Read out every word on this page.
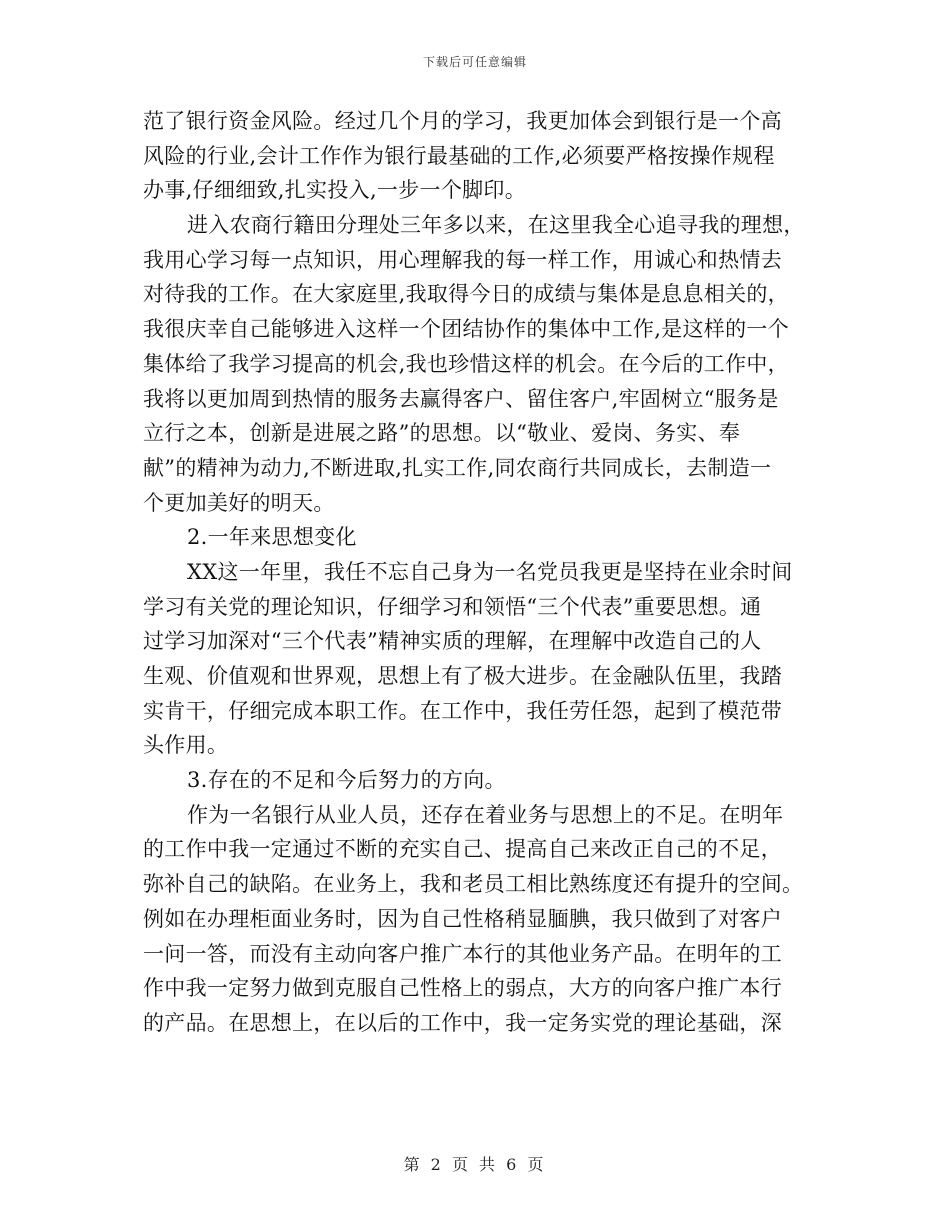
下载后可任意编辑
范了银行资金风险。经过几个月的学习，我更加体会到银行是一个高
风险的行业,会计工作作为银行最基础的工作,必须要严格按操作规程
办事,仔细细致,扎实投入,一步一个脚印。
进入农商行籍田分理处三年多以来，在这里我全心追寻我的理想，
我用心学习每一点知识，用心理解我的每一样工作，用诚心和热情去
对待我的工作。在大家庭里,我取得今日的成绩与集体是息息相关的，
我很庆幸自己能够进入这样一个团结协作的集体中工作,是这样的一个
集体给了我学习提高的机会,我也珍惜这样的机会。在今后的工作中，
我将以更加周到热情的服务去赢得客户、留住客户,牢固树立“服务是
立行之本，创新是进展之路”的思想。以“敬业、爱岗、务实、奉
献”的精神为动力,不断进取,扎实工作,同农商行共同成长，去制造一
个更加美好的明天。
2.一年来思想变化
XX这一年里，我任不忘自己身为一名党员我更是坚持在业余时间
学习有关党的理论知识，仔细学习和领悟“三个代表”重要思想。通
过学习加深对“三个代表”精神实质的理解，在理解中改造自己的人
生观、价值观和世界观，思想上有了极大进步。在金融队伍里，我踏
实肯干，仔细完成本职工作。在工作中，我任劳任怨，起到了模范带
头作用。
3.存在的不足和今后努力的方向。
作为一名银行从业人员，还存在着业务与思想上的不足。在明年
的工作中我一定通过不断的充实自己、提高自己来改正自己的不足，
弥补自己的缺陷。在业务上，我和老员工相比熟练度还有提升的空间。
例如在办理柜面业务时，因为自己性格稍显腼腆，我只做到了对客户
一问一答，而没有主动向客户推广本行的其他业务产品。在明年的工
作中我一定努力做到克服自己性格上的弱点，大方的向客户推广本行
的产品。在思想上，在以后的工作中，我一定务实党的理论基础，深
第 2 页 共 6 页
